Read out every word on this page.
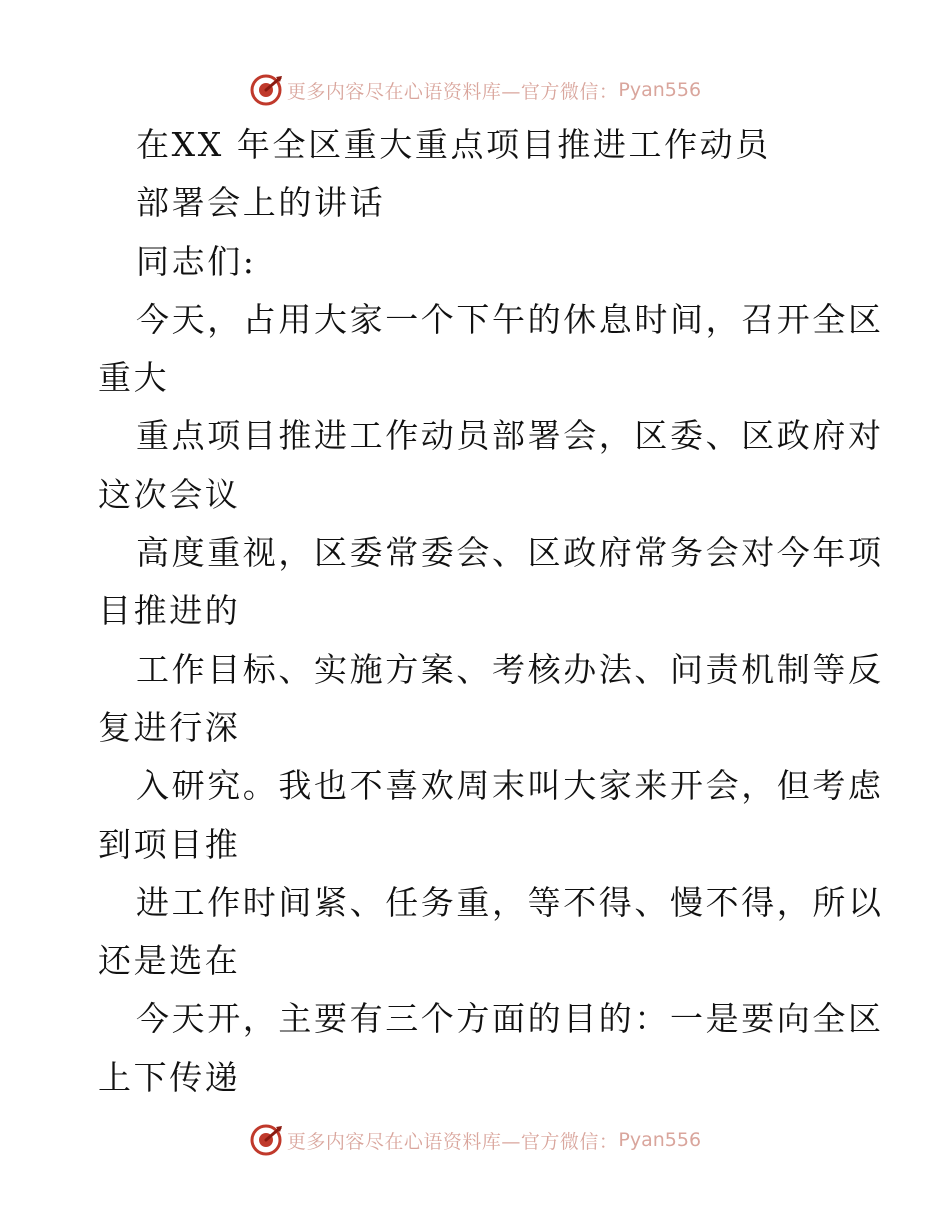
更多内容尽在心语资料库—官方微信： Pyan556
在XX 年全区重大重点项目推进工作动员
部署会上的讲话
同志们:
今天，占用大家一个下午的休息时间，召开全区
重大
重点项目推进工作动员部署会，区委、区政府对
这次会议
高度重视，区委常委会、区政府常务会对今年项
目推进的
工作目标、实施方案、考核办法、问责机制等反
复进行深
入研究。我也不喜欢周末叫大家来开会，但考虑
到项目推
进工作时间紧、任务重，等不得、慢不得，所以
还是选在
今天开，主要有三个方面的目的：一是要向全区
上下传递
更多内容尽在心语资料库—官方微信： Pyan556
